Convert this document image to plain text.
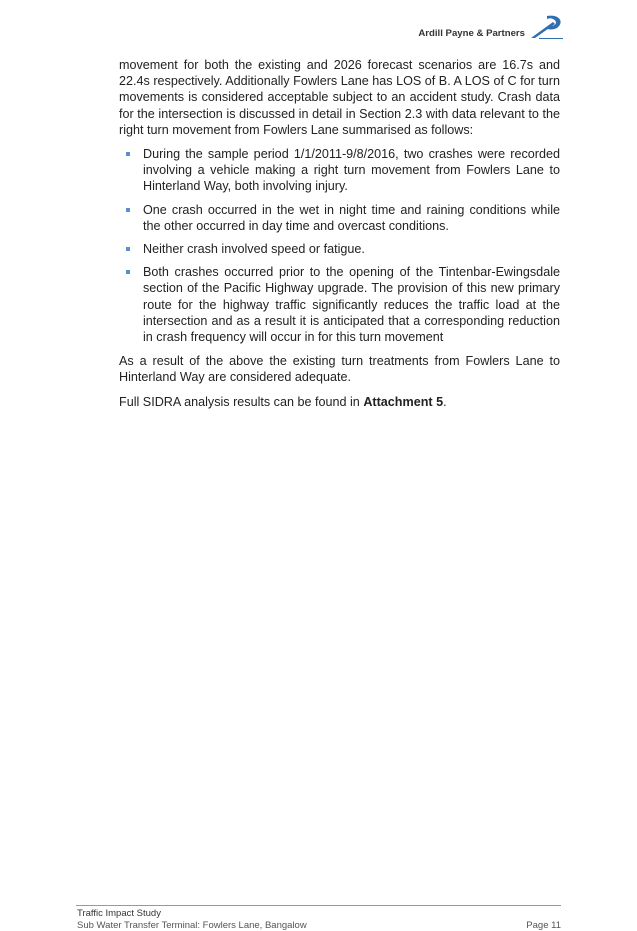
Ardill Payne & Partners

movement for both the existing and 2026 forecast scenarios are 16.7s and 22.4s respectively. Additionally Fowlers Lane has LOS of B. A LOS of C for turn movements is considered acceptable subject to an accident study. Crash data for the intersection is discussed in detail in Section 2.3 with data relevant to the right turn movement from Fowlers Lane summarised as follows:

During the sample period 1/1/2011-9/8/2016, two crashes were recorded involving a vehicle making a right turn movement from Fowlers Lane to Hinterland Way, both involving injury.
One crash occurred in the wet in night time and raining conditions while the other occurred in day time and overcast conditions.
Neither crash involved speed or fatigue.
Both crashes occurred prior to the opening of the Tintenbar-Ewingsdale section of the Pacific Highway upgrade. The provision of this new primary route for the highway traffic significantly reduces the traffic load at the intersection and as a result it is anticipated that a corresponding reduction in crash frequency will occur in for this turn movement

As a result of the above the existing turn treatments from Fowlers Lane to Hinterland Way are considered adequate.

Full SIDRA analysis results can be found in Attachment 5.

Traffic Impact Study
Sub Water Transfer Terminal: Fowlers Lane, Bangalow	Page 11
